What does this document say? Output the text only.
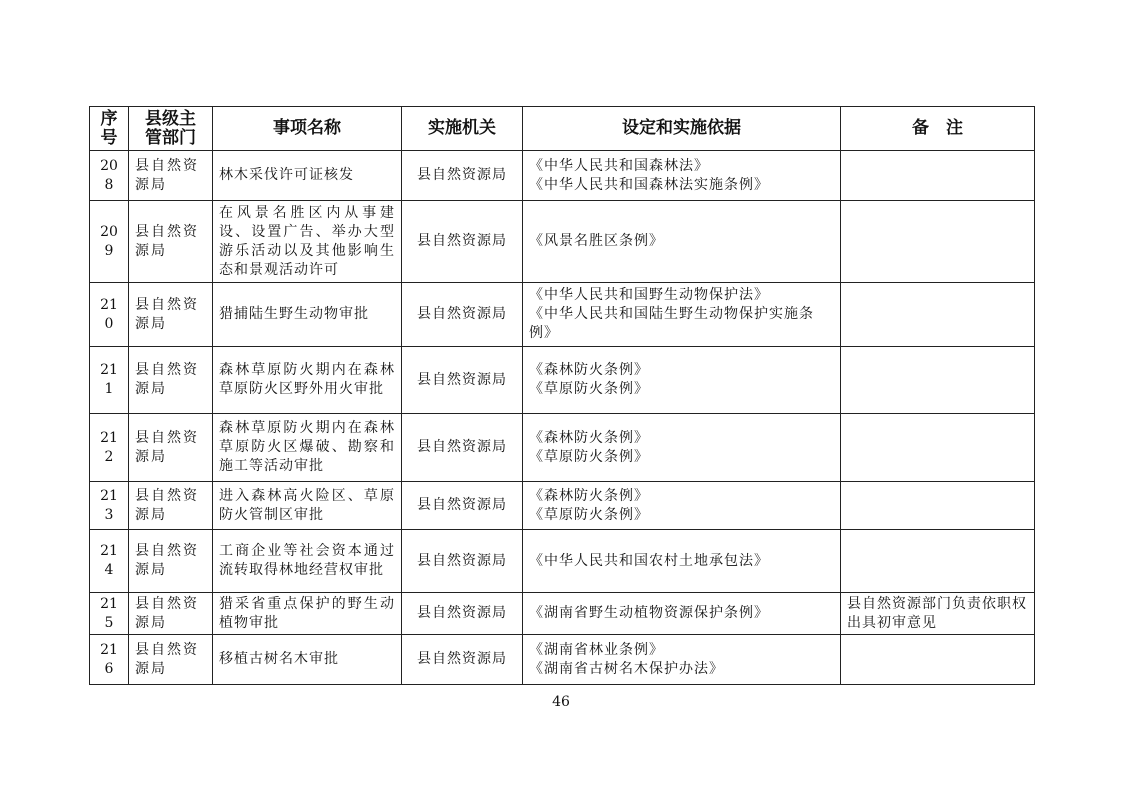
序
号	县级主
管部门	事项名称	实施机关	设定和实施依据	备　注
208	县自然资源局	林木采伐许可证核发	县自然资源局	《中华人民共和国森林法》
《中华人民共和国森林法实施条例》	

209	县自然资源局	在风景名胜区内从事建设、设置广告、举办大型游乐活动以及其他影响生态和景观活动许可	县自然资源局	《风景名胜区条例》	

210	县自然资源局	猎捕陆生野生动物审批	县自然资源局	《中华人民共和国野生动物保护法》
《中华人民共和国陆生野生动物保护实施条例》	

211	县自然资源局	森林草原防火期内在森林草原防火区野外用火审批	县自然资源局	《森林防火条例》
《草原防火条例》	

212	县自然资源局	森林草原防火期内在森林草原防火区爆破、勘察和施工等活动审批	县自然资源局	《森林防火条例》
《草原防火条例》	

213	县自然资源局	进入森林高火险区、草原防火管制区审批	县自然资源局	《森林防火条例》
《草原防火条例》	

214	县自然资源局	工商企业等社会资本通过流转取得林地经营权审批	县自然资源局	《中华人民共和国农村土地承包法》	

215	县自然资源局	猎采省重点保护的野生动植物审批	县自然资源局	《湖南省野生动植物资源保护条例》	县自然资源部门负责依职权出具初审意见
216	县自然资源局	移植古树名木审批	县自然资源局	《湖南省林业条例》
《湖南省古树名木保护办法》	

46
